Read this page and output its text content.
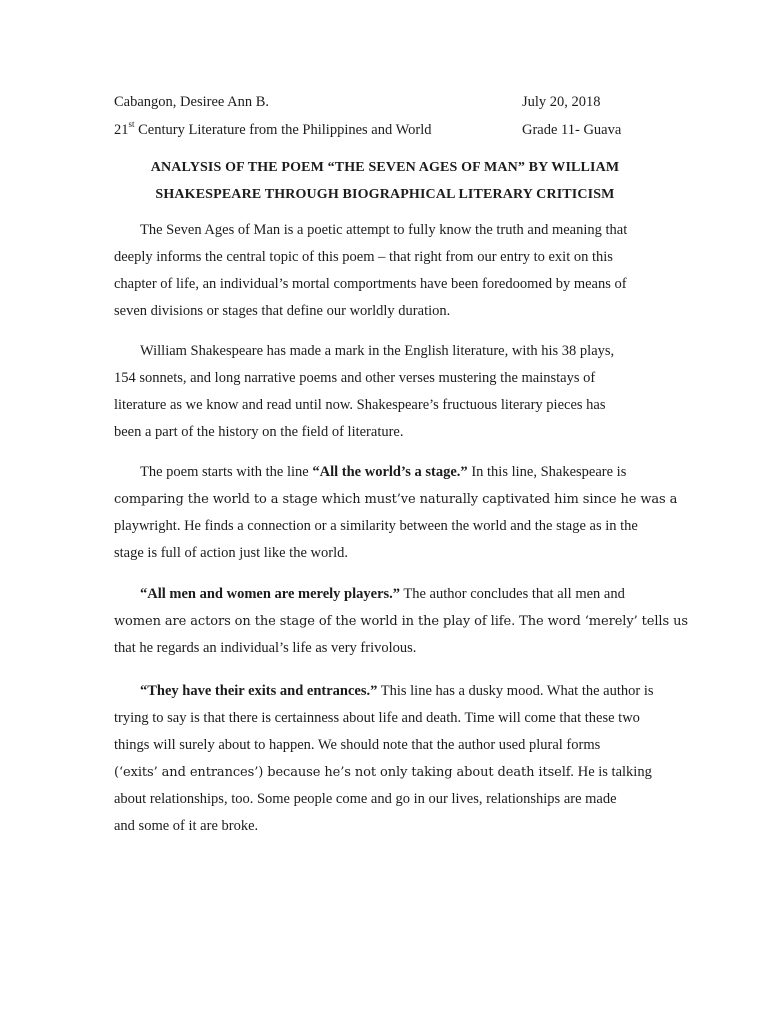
Cabangon, Desiree Ann B.	July 20, 2018
21st Century Literature from the Philippines and World	Grade 11- Guava
ANALYSIS OF THE POEM “THE SEVEN AGES OF MAN” BY WILLIAM
SHAKESPEARE THROUGH BIOGRAPHICAL LITERARY CRITICISM
The Seven Ages of Man is a poetic attempt to fully know the truth and meaning that
deeply informs the central topic of this poem – that right from our entry to exit on this
chapter of life, an individual’s mortal comportments have been foredoomed by means of
seven divisions or stages that define our worldly duration.
William Shakespeare has made a mark in the English literature, with his 38 plays,
154 sonnets, and long narrative poems and other verses mustering the mainstays of
literature as we know and read until now. Shakespeare’s fructuous literary pieces has
been a part of the history on the field of literature.
The poem starts with the line “All the world’s a stage.” In this line, Shakespeare is
comparing the world to a stage which must’ve naturally captivated him since he was a
playwright. He finds a connection or a similarity between the world and the stage as in the
stage is full of action just like the world.
“All men and women are merely players.” The author concludes that all men and
women are actors on the stage of the world in the play of life. The word ‘merely’ tells us
that he regards an individual’s life as very frivolous.
“They have their exits and entrances.” This line has a dusky mood. What the author is
trying to say is that there is certainness about life and death. Time will come that these two
things will surely about to happen. We should note that the author used plural forms
(‘exits’ and entrances’) because he’s not only taking about death itself. He is talking
about relationships, too. Some people come and go in our lives, relationships are made
and some of it are broke.
